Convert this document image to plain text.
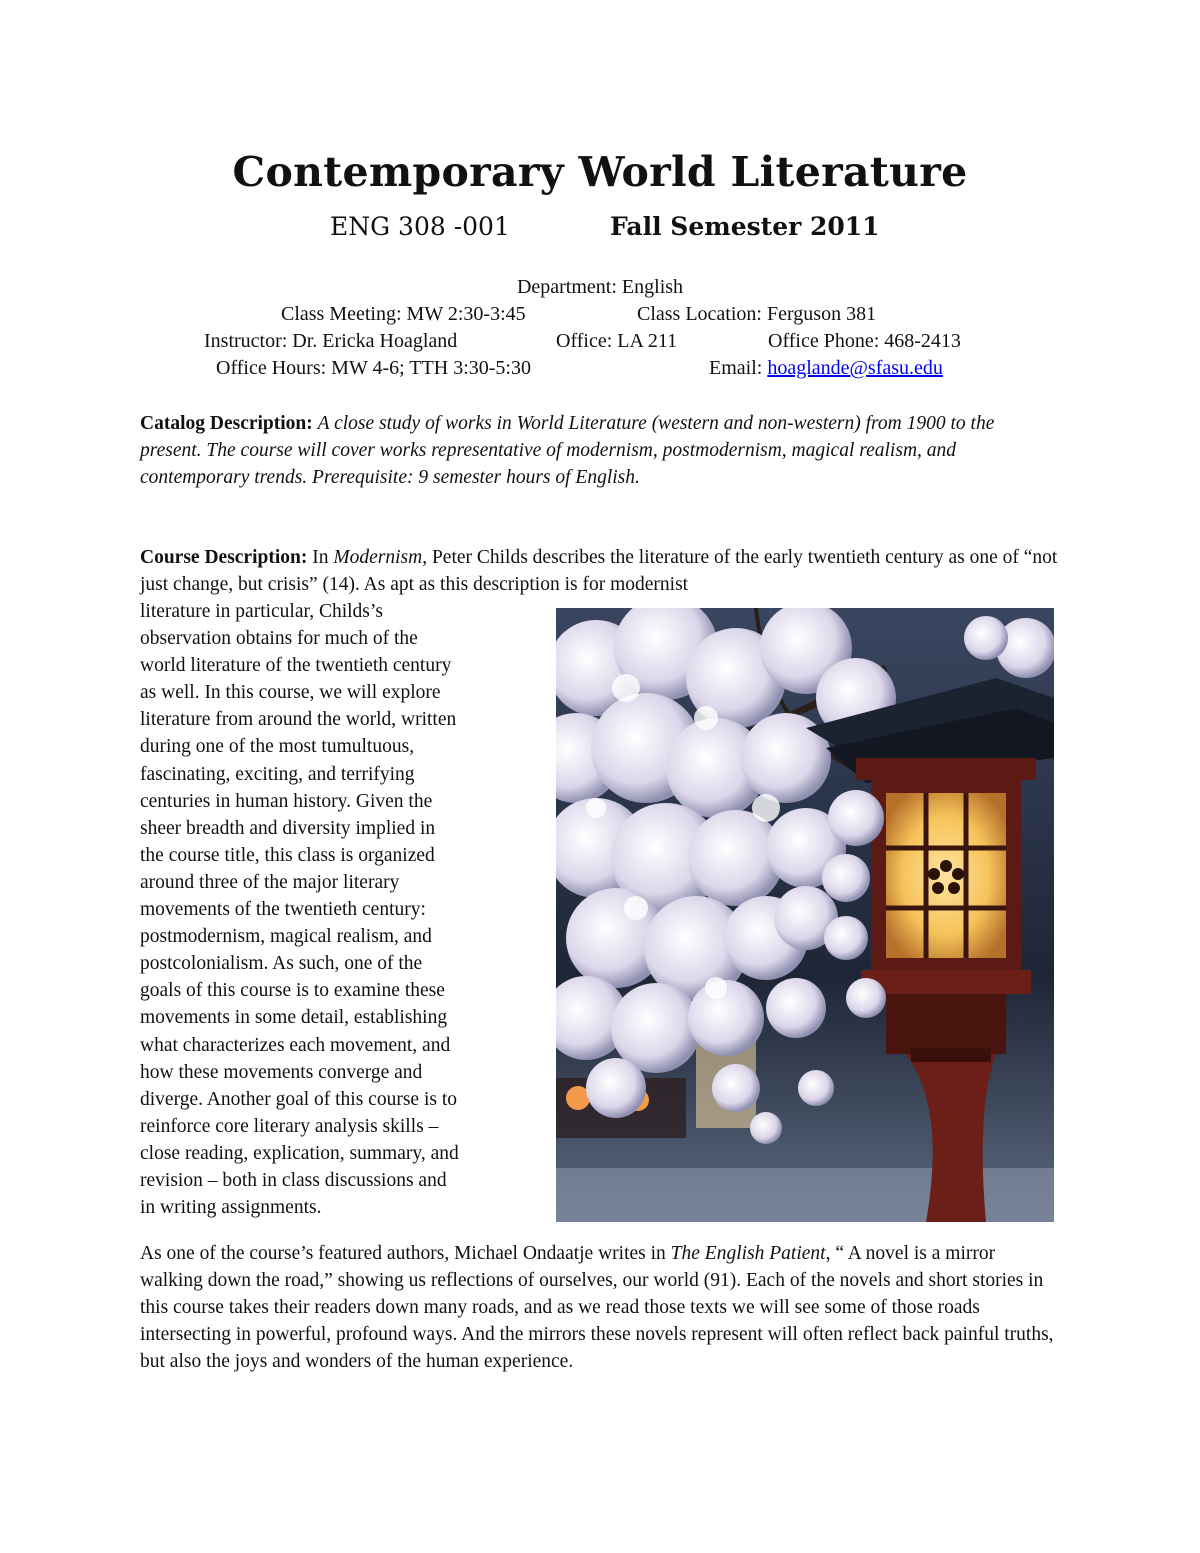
Contemporary World Literature
ENG 308 -001	Fall Semester 2011
Department: English
Class Meeting: MW 2:30-3:45	Class Location: Ferguson 381
Instructor: Dr. Ericka Hoagland	Office: LA 211	Office Phone: 468-2413
Office Hours: MW 4-6; TTH 3:30-5:30	Email: hoaglande@sfasu.edu

Catalog Description: A close study of works in World Literature (western and non-western) from 1900 to the present. The course will cover works representative of modernism, postmodernism, magical realism, and contemporary trends. Prerequisite: 9 semester hours of English.

Course Description: In Modernism, Peter Childs describes the literature of the early twentieth century as one of “not just change, but crisis” (14). As apt as this description is for modernist

literature in particular, Childs’s
observation obtains for much of the
world literature of the twentieth century
as well. In this course, we will explore
literature from around the world, written
during one of the most tumultuous,
fascinating, exciting, and terrifying
centuries in human history. Given the
sheer breadth and diversity implied in
the course title, this class is organized
around three of the major literary
movements of the twentieth century:
postmodernism, magical realism, and
postcolonialism. As such, one of the
goals of this course is to examine these
movements in some detail, establishing
what characterizes each movement, and
how these movements converge and
diverge. Another goal of this course is to
reinforce core literary analysis skills –
close reading, explication, summary, and
revision – both in class discussions and
in writing assignments.

As one of the course’s featured authors, Michael Ondaatje writes in The English Patient, “ A novel is a mirror walking down the road,” showing us reflections of ourselves, our world (91). Each of the novels and short stories in this course takes their readers down many roads, and as we read those texts we will see some of those roads intersecting in powerful, profound ways. And the mirrors these novels represent will often reflect back painful truths, but also the joys and wonders of the human experience.
